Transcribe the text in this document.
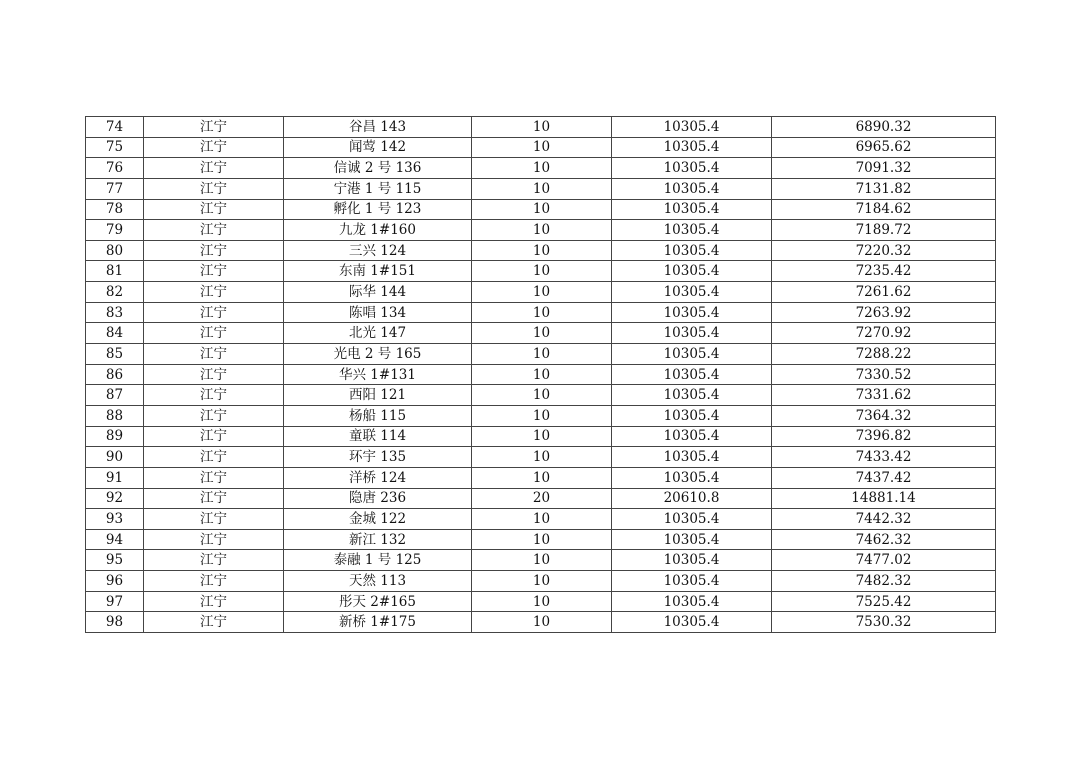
74	江宁	谷昌 143	10	10305.4	6890.32
75	江宁	闻莺 142	10	10305.4	6965.62
76	江宁	信诚 2 号 136	10	10305.4	7091.32
77	江宁	宁港 1 号 115	10	10305.4	7131.82
78	江宁	孵化 1 号 123	10	10305.4	7184.62
79	江宁	九龙 1#160	10	10305.4	7189.72
80	江宁	三兴 124	10	10305.4	7220.32
81	江宁	东南 1#151	10	10305.4	7235.42
82	江宁	际华 144	10	10305.4	7261.62
83	江宁	陈唱 134	10	10305.4	7263.92
84	江宁	北光 147	10	10305.4	7270.92
85	江宁	光电 2 号 165	10	10305.4	7288.22
86	江宁	华兴 1#131	10	10305.4	7330.52
87	江宁	西阳 121	10	10305.4	7331.62
88	江宁	杨船 115	10	10305.4	7364.32
89	江宁	童联 114	10	10305.4	7396.82
90	江宁	环宇 135	10	10305.4	7433.42
91	江宁	洋桥 124	10	10305.4	7437.42
92	江宁	隐唐 236	20	20610.8	14881.14
93	江宁	金城 122	10	10305.4	7442.32
94	江宁	新江 132	10	10305.4	7462.32
95	江宁	泰融 1 号 125	10	10305.4	7477.02
96	江宁	天然 113	10	10305.4	7482.32
97	江宁	彤天 2#165	10	10305.4	7525.42
98	江宁	新桥 1#175	10	10305.4	7530.32
